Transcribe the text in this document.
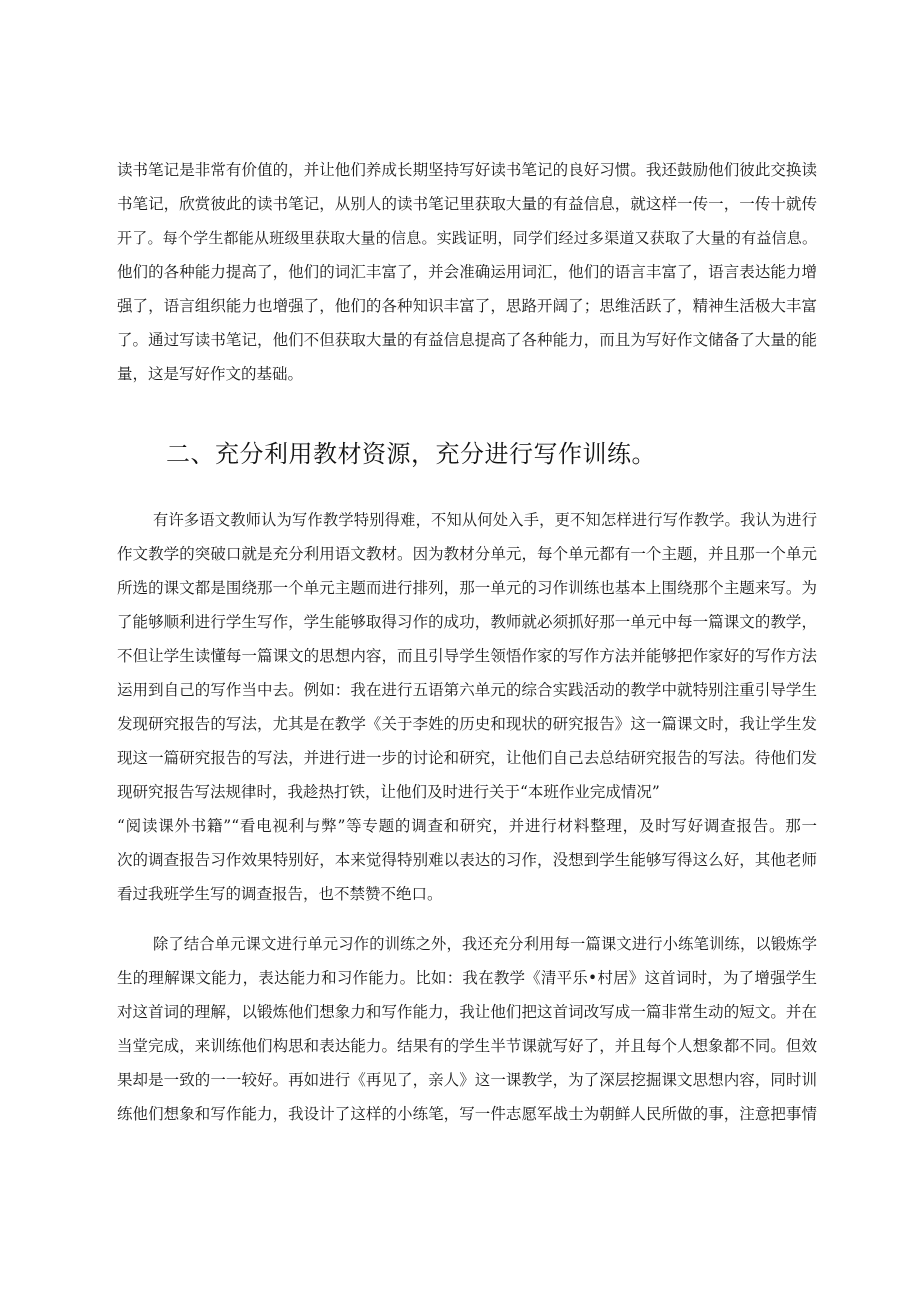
读书笔记是非常有价值的，并让他们养成长期坚持写好读书笔记的良好习惯。我还鼓励他们彼此交换读
书笔记，欣赏彼此的读书笔记，从别人的读书笔记里获取大量的有益信息，就这样一传一，一传十就传
开了。每个学生都能从班级里获取大量的信息。实践证明，同学们经过多渠道又获取了大量的有益信息。
他们的各种能力提高了，他们的词汇丰富了，并会准确运用词汇，他们的语言丰富了，语言表达能力增
强了，语言组织能力也增强了，他们的各种知识丰富了，思路开阔了；思维活跃了，精神生活极大丰富
了。通过写读书笔记，他们不但获取大量的有益信息提高了各种能力，而且为写好作文储备了大量的能
量，这是写好作文的基础。
二、充分利用教材资源，充分进行写作训练。
有许多语文教师认为写作教学特别得难，不知从何处入手，更不知怎样进行写作教学。我认为进行
作文教学的突破口就是充分利用语文教材。因为教材分单元，每个单元都有一个主题，并且那一个单元
所选的课文都是围绕那一个单元主题而进行排列，那一单元的习作训练也基本上围绕那个主题来写。为
了能够顺利进行学生写作，学生能够取得习作的成功，教师就必须抓好那一单元中每一篇课文的教学，
不但让学生读懂每一篇课文的思想内容，而且引导学生领悟作家的写作方法并能够把作家好的写作方法
运用到自己的写作当中去。例如：我在进行五语第六单元的综合实践活动的教学中就特别注重引导学生
发现研究报告的写法，尤其是在教学《关于李姓的历史和现状的研究报告》这一篇课文时，我让学生发
现这一篇研究报告的写法，并进行进一步的讨论和研究，让他们自己去总结研究报告的写法。待他们发
现研究报告写法规律时，我趁热打铁，让他们及时进行关于“本班作业完成情况”
“阅读课外书籍”“看电视利与弊”等专题的调查和研究，并进行材料整理，及时写好调查报告。那一
次的调查报告习作效果特别好，本来觉得特别难以表达的习作，没想到学生能够写得这么好，其他老师
看过我班学生写的调查报告，也不禁赞不绝口。
除了结合单元课文进行单元习作的训练之外，我还充分利用每一篇课文进行小练笔训练，以锻炼学
生的理解课文能力，表达能力和习作能力。比如：我在教学《清平乐•村居》这首词时，为了增强学生
对这首词的理解，以锻炼他们想象力和写作能力，我让他们把这首词改写成一篇非常生动的短文。并在
当堂完成，来训练他们构思和表达能力。结果有的学生半节课就写好了，并且每个人想象都不同。但效
果却是一致的一一较好。再如进行《再见了，亲人》这一课教学，为了深层挖掘课文思想内容，同时训
练他们想象和写作能力，我设计了这样的小练笔，写一件志愿军战士为朝鲜人民所做的事，注意把事情
